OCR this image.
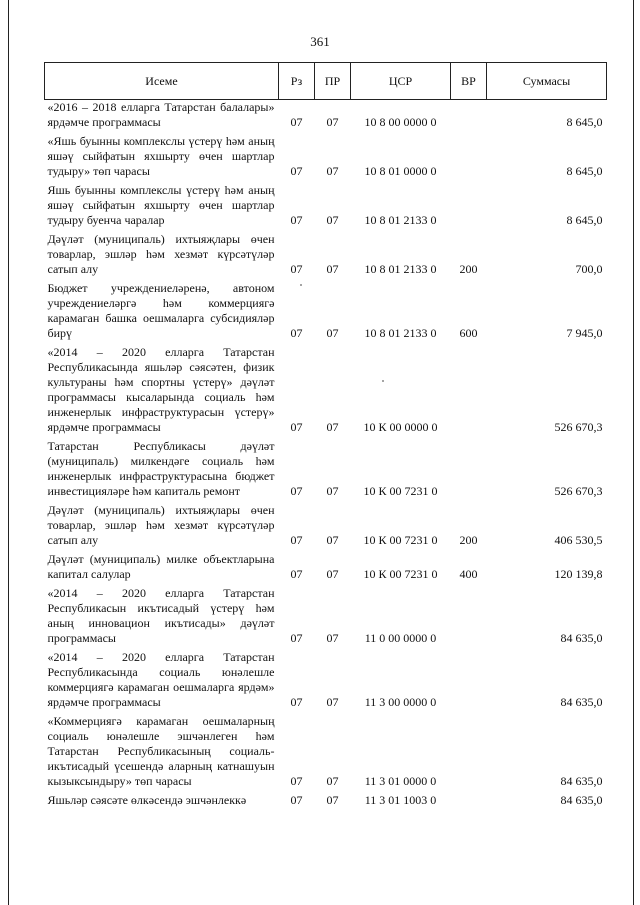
361
Исеме	Рз	ПР	ЦСР	ВР	Суммасы
«2016 – 2018 елларга Татарстан балалары» ярдәмче программасы	07	07	10 8 00 0000 0		8 645,0
«Яшь буынны комплекслы үстерү һәм аның яшәү сыйфатын яхшырту өчен шартлар тудыру» төп чарасы	07	07	10 8 01 0000 0		8 645,0
Яшь буынны комплекслы үстерү һәм аның яшәү сыйфатын яхшырту өчен шартлар тудыру буенча чаралар	07	07	10 8 01 2133 0		8 645,0
Дәүләт (муниципаль) ихтыяҗлары өчен товарлар, эшләр һәм хезмәт күрсәтүләр сатып алу	07	07	10 8 01 2133 0	200	700,0
Бюджет учреждениеләренә, автоном учреждениеләргә һәм коммерциягә карамаган башка оешмаларга субсидияләр бирү	07	07	10 8 01 2133 0	600	7 945,0
«2014 – 2020 елларга Татарстан Республикасында яшьләр сәясәтен, физик культураны һәм спортны үстерү» дәүләт программасы кысаларында социаль һәм инженерлык инфраструктурасын үстерү» ярдәмче программасы	07	07	10 К 00 0000 0		526 670,3
Татарстан Республикасы дәүләт (муниципаль) милкендәге социаль һәм инженерлык инфраструктурасына бюджет инвестицияләре һәм капиталь ремонт	07	07	10 К 00 7231 0		526 670,3
Дәүләт (муниципаль) ихтыяҗлары өчен товарлар, эшләр һәм хезмәт күрсәтүләр сатып алу	07	07	10 К 00 7231 0	200	406 530,5
Дәүләт (муниципаль) милке объектларына капитал салулар	07	07	10 К 00 7231 0	400	120 139,8
«2014 – 2020 елларга Татарстан Республикасын икътисадый үстерү һәм аның инновацион икътисады» дәүләт программасы	07	07	11 0 00 0000 0		84 635,0
«2014 – 2020 елларга Татарстан Республикасында социаль юнәлешле коммерциягә карамаган оешмаларга ярдәм» ярдәмче программасы	07	07	11 3 00 0000 0		84 635,0
«Коммерциягә карамаган оешмаларның социаль юнәлешле эшчәнлеген һәм Татарстан Республикасының социаль-икътисадый үсешендә аларның катнашуын кызыксындыру» төп чарасы	07	07	11 3 01 0000 0		84 635,0
Яшьләр сәясәте өлкәсендә эшчәнлеккә	07	07	11 3 01 1003 0		84 635,0
